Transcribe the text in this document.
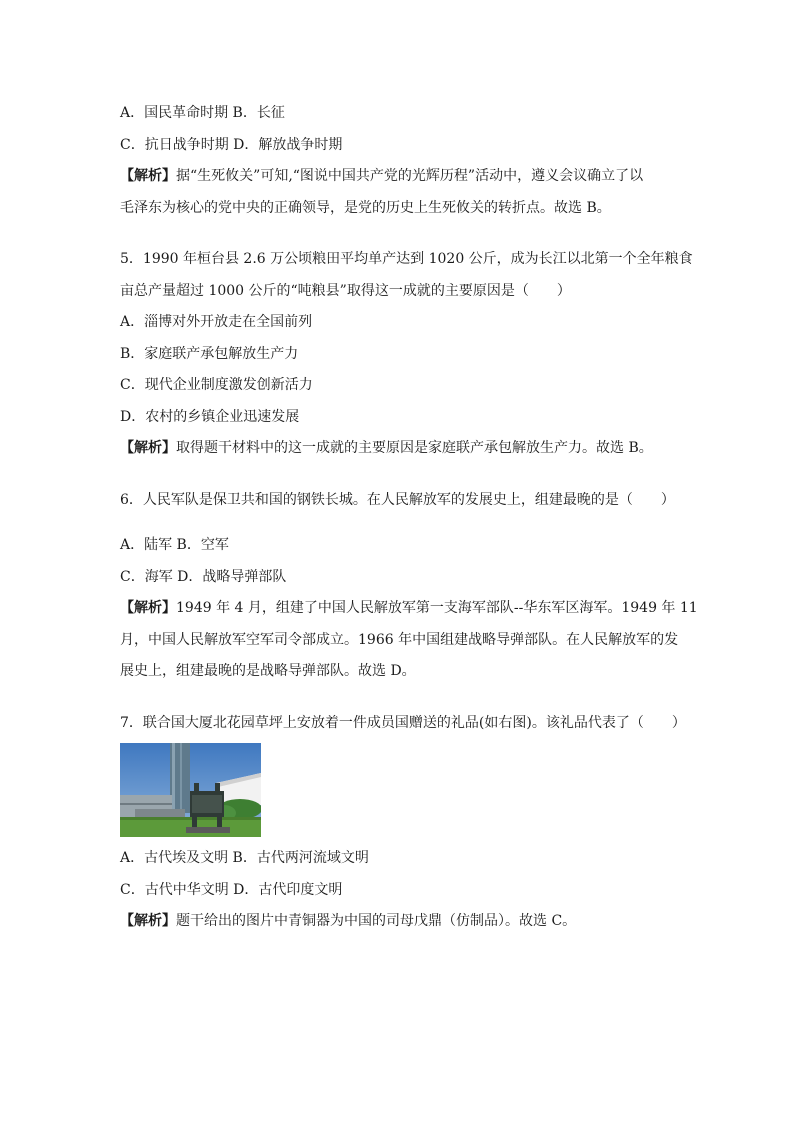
A．国民革命时期 B．长征
C．抗日战争时期 D．解放战争时期
【解析】据“生死攸关”可知,“图说中国共产党的光辉历程”活动中，遵义会议确立了以
毛泽东为核心的党中央的正确领导，是党的历史上生死攸关的转折点。故选 B。
5．1990 年桓台县 2.6 万公顷粮田平均单产达到 1020 公斤，成为长江以北第一个全年粮食
亩总产量超过 1000 公斤的“吨粮县”取得这一成就的主要原因是（　　）
A．淄博对外开放走在全国前列
B．家庭联产承包解放生产力
C．现代企业制度激发创新活力
D．农村的乡镇企业迅速发展
【解析】取得题干材料中的这一成就的主要原因是家庭联产承包解放生产力。故选 B。
6．人民军队是保卫共和国的钢铁长城。在人民解放军的发展史上，组建最晚的是（　　）
A．陆军 B．空军
C．海军 D．战略导弹部队
【解析】1949 年 4 月，组建了中国人民解放军第一支海军部队--华东军区海军。1949 年 11
月，中国人民解放军空军司令部成立。1966 年中国组建战略导弹部队。在人民解放军的发
展史上，组建最晚的是战略导弹部队。故选 D。
7．联合国大厦北花园草坪上安放着一件成员国赠送的礼品(如右图)。该礼品代表了（　　）
A．古代埃及文明 B．古代两河流域文明
C．古代中华文明 D．古代印度文明
【解析】题干给出的图片中青铜器为中国的司母戊鼎（仿制品）。故选 C。
